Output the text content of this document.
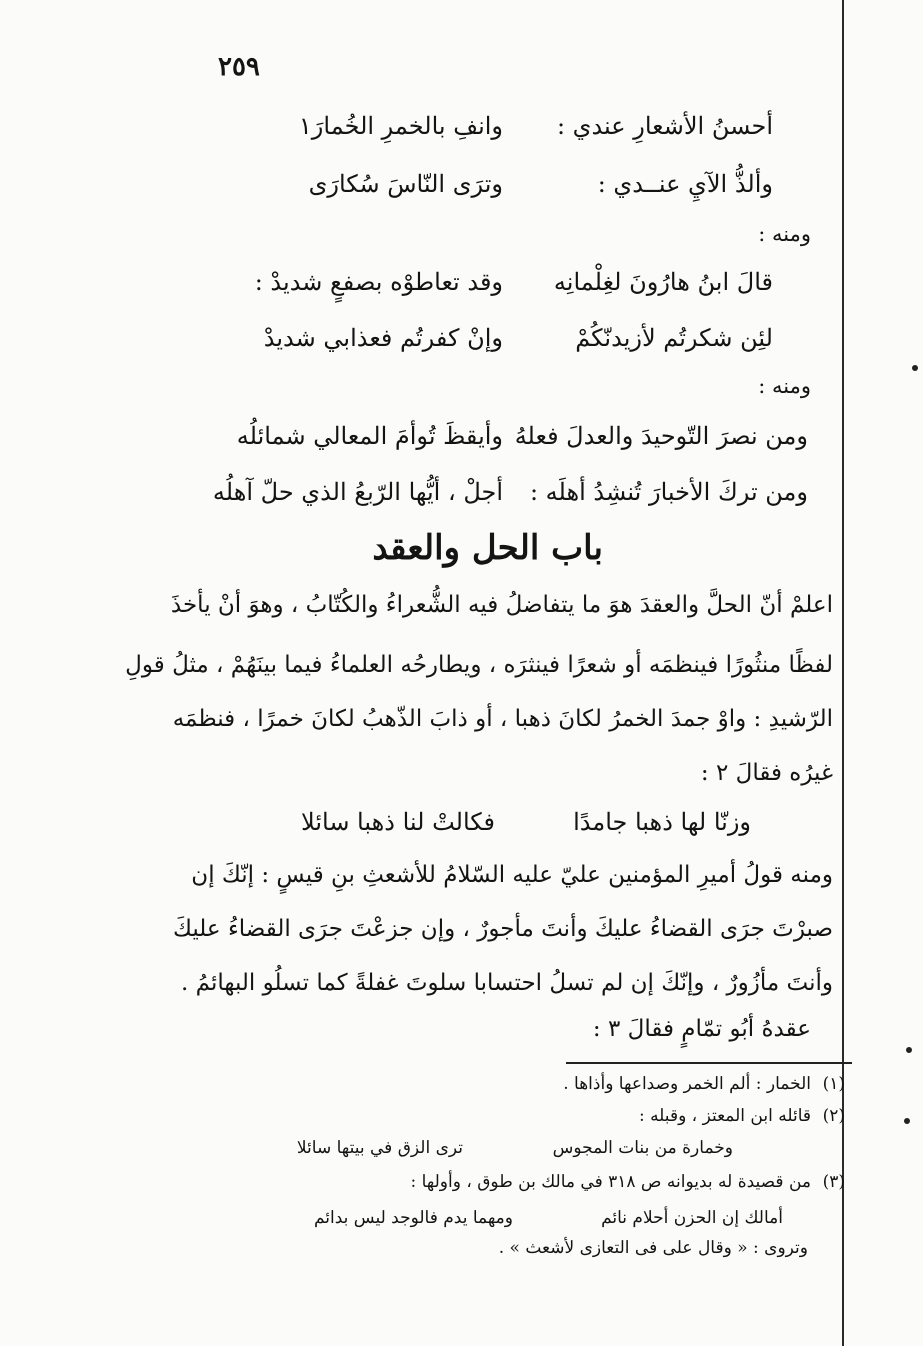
٢٥٩
أحسنُ الأشعارِ عندي :
وانفِ بالخمرِ الخُمارَ١
وألذُّ الآيِ عنــدي :
وترَى النّاسَ سُكارَى
ومنه :
قالَ ابنُ هارُونَ لغِلْمانِه
وقد تعاطوْه بصفعٍ شديدْ :
لئِن شكرتُم لأزيدنّكُمْ
وإنْ كفرتُم فعذابي شديدْ
ومنه :
ومن نصرَ التّوحيدَ والعدلَ فعلهُ
وأيقظَ تُوأمَ المعالي شمائلُه
ومن تركَ الأخبارَ تُنشِدُ أهلَه :
أجلْ ، أيُّها الرّبعُ الذي حلّ آهلُه
باب الحل والعقد
اعلمْ أنّ الحلَّ والعقدَ هوَ ما يتفاضلُ فيه الشُّعراءُ والكُتّابُ ، وهوَ أنْ يأخذَ
لفظًا منثُورًا فينظمَه أو شعرًا فينثرَه ، ويطارحُه العلماءُ فيما بينَهُمْ ، مثلُ قولِ
الرّشيدِ : واوْ جمدَ الخمرُ لكانَ ذهبا ، أو ذابَ الذّهبُ لكانَ خمرًا ، فنظمَه
غيرُه فقالَ ٢ :
وزنّا لها ذهبا جامدًا
فكالتْ لنا ذهبا سائلا
ومنه قولُ أميرِ المؤمنين عليّ عليه السّلامُ للأشعثِ بنِ قيسٍ : إنّكَ إن
صبرْتَ جرَى القضاءُ عليكَ وأنتَ مأجورٌ ، وإن جزعْتَ جرَى القضاءُ عليكَ
وأنتَ مأزُورٌ ، وإنّكَ إن لم تسلُ احتسابا سلوتَ غفلةً كما تسلُو البهائمُ .
عقدهُ أبُو تمّامٍ فقالَ ٣ :
(١)
الخمار : ألم الخمر وصداعها وأذاها .
(٢)
قائله ابن المعتز ، وقبله :
وخمارة من بنات المجوس
ترى الزق في بيتها سائلا
(٣)
من قصيدة له بديوانه ص ٣١٨ في مالك بن طوق ، وأولها :
أمالك إن الحزن أحلام نائم
ومهما يدم فالوجد ليس بدائم
وتروى : « وقال على فى التعازى لأشعث » .
